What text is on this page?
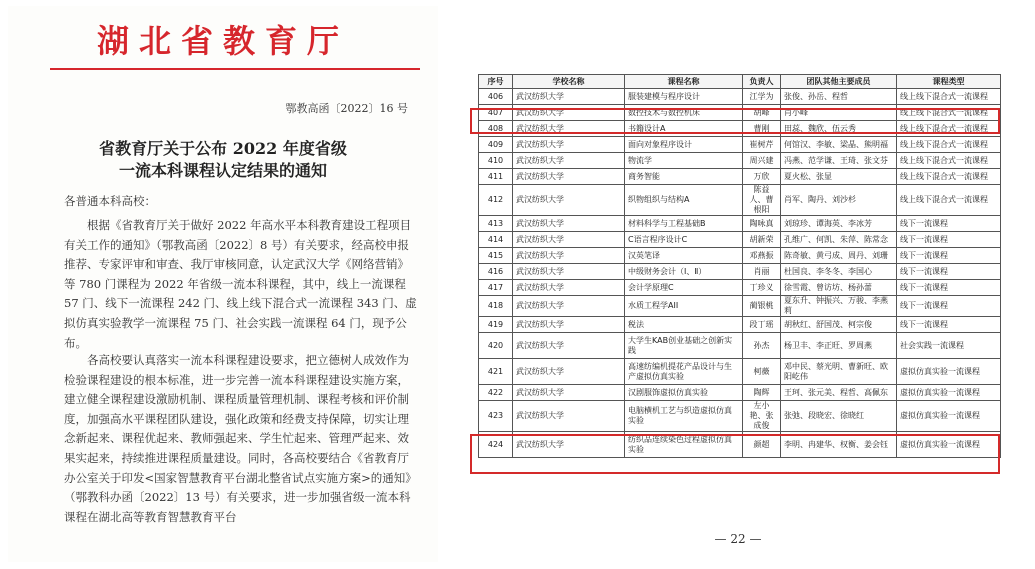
湖北省教育厅
鄂教高函〔2022〕16 号
省教育厅关于公布 2022 年度省级
一流本科课程认定结果的通知
各普通本科高校：
根据《省教育厅关于做好 2022 年高水平本科教育建设工程项目有关工作的通知》（鄂教高函〔2022〕8 号）有关要求，经高校申报推荐、专家评审和审查、我厅审核同意，认定武汉大学《网络营销》等 780 门课程为 2022 年省级一流本科课程，其中，线上一流课程 57 门、线下一流课程 242 门、线上线下混合式一流课程 343 门、虚拟仿真实验教学一流课程 75 门、社会实践一流课程 64 门，现予公布。
各高校要认真落实一流本科课程建设要求，把立德树人成效作为检验课程建设的根本标准，进一步完善一流本科课程建设实施方案，建立健全课程建设激励机制、课程质量管理机制、课程考核和评价制度，加强高水平课程团队建设，强化政策和经费支持保障，切实让理念新起来、课程优起来、教师强起来、学生忙起来、管理严起来、效果实起来，持续推进课程质量建设。同时，各高校要结合《省教育厅办公室关于印发<国家智慧教育平台湖北整省试点实施方案>的通知》（鄂教科办函〔2022〕13 号）有关要求，进一步加强省级一流本科课程在湖北高等教育智慧教育平台
序号	学校名称	课程名称	负责人	团队其他主要成员	课程类型
406	武汉纺织大学	服装建模与程序设计	江学为	张俊、孙岳、程哲	线上线下混合式一流课程
407	武汉纺织大学	数控技术与数控机床	胡峰	肖小峰	线上线下混合式一流课程
408	武汉纺织大学	书籍设计A	曹刚	田蕊、魏欣、伍云秀	线上线下混合式一流课程
409	武汉纺织大学	面向对象程序设计	崔树芹	何馆汉、李敏、梁晶、熊明福	线上线下混合式一流课程
410	武汉纺织大学	物流学	周兴建	冯燕、范学谦、王琦、张文芬	线上线下混合式一流课程
411	武汉纺织大学	商务智能	万欣	夏火松、张显	线上线下混合式一流课程
412	武汉纺织大学	织物组织与结构A	陈益人、曹根阳	肖军、陶丹、刘沙杉	线上线下混合式一流课程
413	武汉纺织大学	材料科学与工程基础B	陶咏真	刘琼珍、谭海英、李冰芳	线下一流课程
414	武汉纺织大学	C语言程序设计C	胡新荣	孔维广、何凯、朱萍、陈常念	线下一流课程
415	武汉纺织大学	汉英笔译	邓燕振	陈奇敏、黄弓成、周丹、刘珊	线下一流课程
416	武汉纺织大学	中级财务会计（Ⅰ、Ⅱ）	肖丽	杜国良、李冬冬、李国心	线下一流课程
417	武汉纺织大学	会计学原理C	丁珍义	徐雪霞、曾访坊、杨孙蕾	线下一流课程
418	武汉纺织大学	水质工程学AII	蔺银桃	夏东升、钟振兴、万骏、李燕莉	线下一流课程
419	武汉纺织大学	税法	段丁瑶	胡秋红、舒国茂、柯宗俊	线下一流课程
420	武汉纺织大学	大学生KAB创业基础之创新实践	孙杰	杨卫丰、李正旺、罗周燕	社会实践一流课程
421	武汉纺织大学	高速纺编机提花产品设计与生产虚拟仿真实验	柯薇	邓中民、蔡光明、曹新旺、欧阳屹伟	虚拟仿真实验一流课程
422	武汉纺织大学	汉剧服饰虚拟仿真实验	陶辉	王珂、张元美、程哲、高佩东	虚拟仿真实验一流课程
423	武汉纺织大学	电脑横机工艺与织造虚拟仿真实验	左小艳、张成俊	张弛、段晓宏、徐晓红	虚拟仿真实验一流课程
424	武汉纺织大学	纺织品连续染色过程虚拟仿真实验	颜超	李明、冉建华、权衡、姜会钰	虚拟仿真实验一流课程
— 22 —
